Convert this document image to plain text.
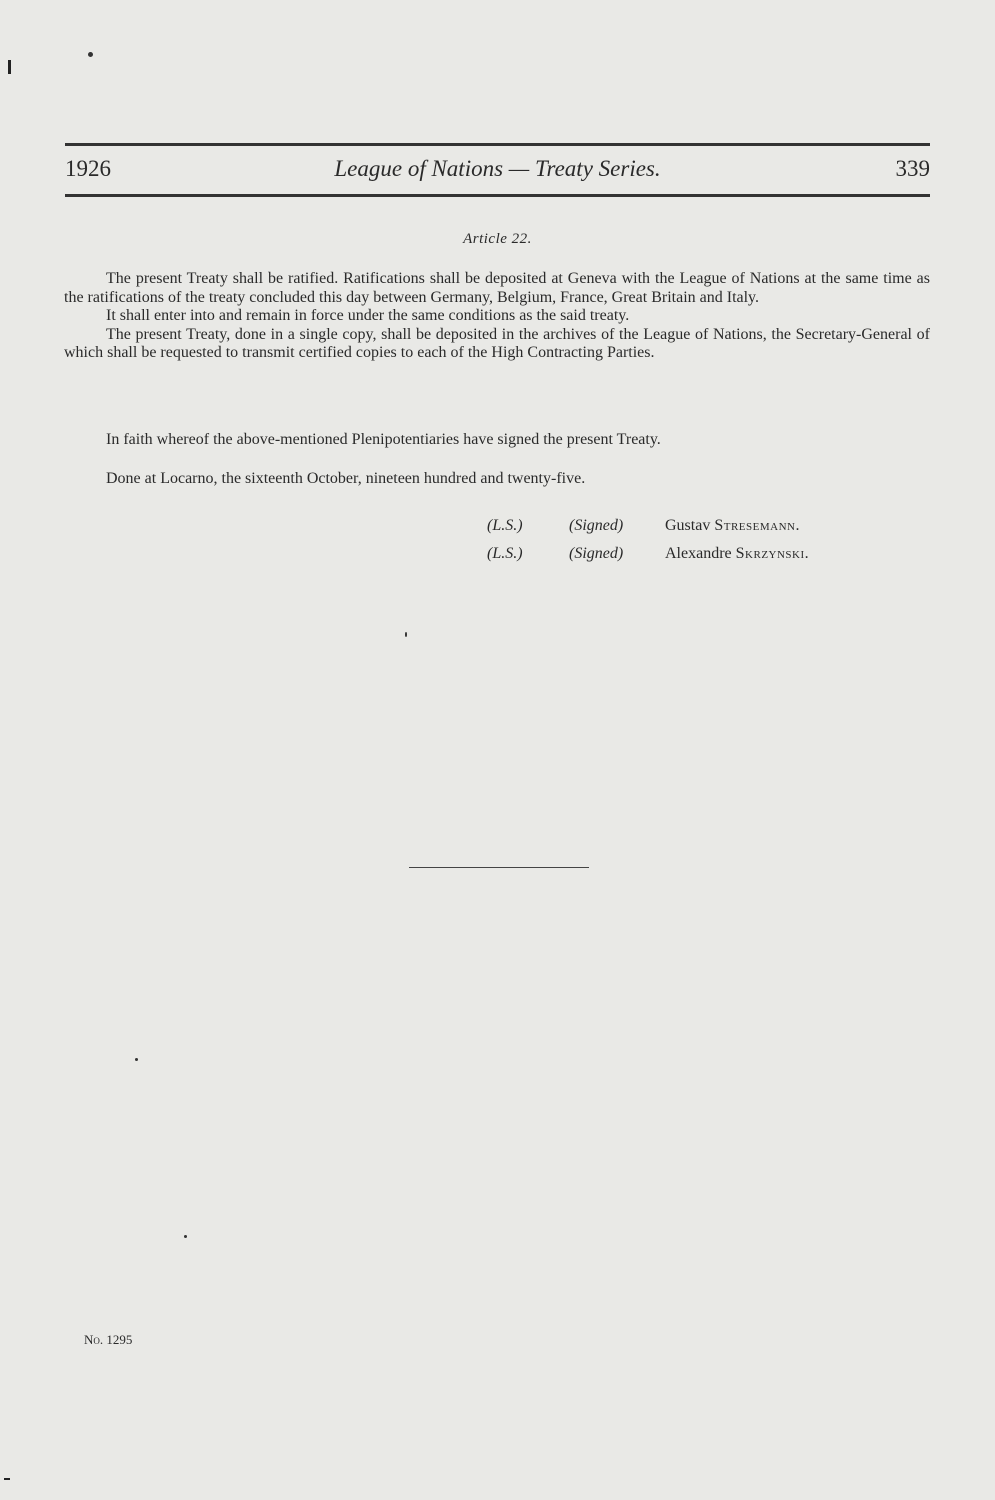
1926	League of Nations — Treaty Series.	339
Article 22.

The present Treaty shall be ratified. Ratifications shall be deposited at Geneva with the League of Nations at the same time as the ratifications of the treaty concluded this day between Germany, Belgium, France, Great Britain and Italy.

It shall enter into and remain in force under the same conditions as the said treaty.

The present Treaty, done in a single copy, shall be deposited in the archives of the League of Nations, the Secretary-General of which shall be requested to transmit certified copies to each of the High Contracting Parties.

In faith whereof the above-mentioned Plenipotentiaries have signed the present Treaty.
Done at Locarno, the sixteenth October, nineteen hundred and twenty-five.
(L.S.)	(Signed)	Gustav Stresemann.
(L.S.)	(Signed)	Alexandre Skrzynski.
No. 1295
